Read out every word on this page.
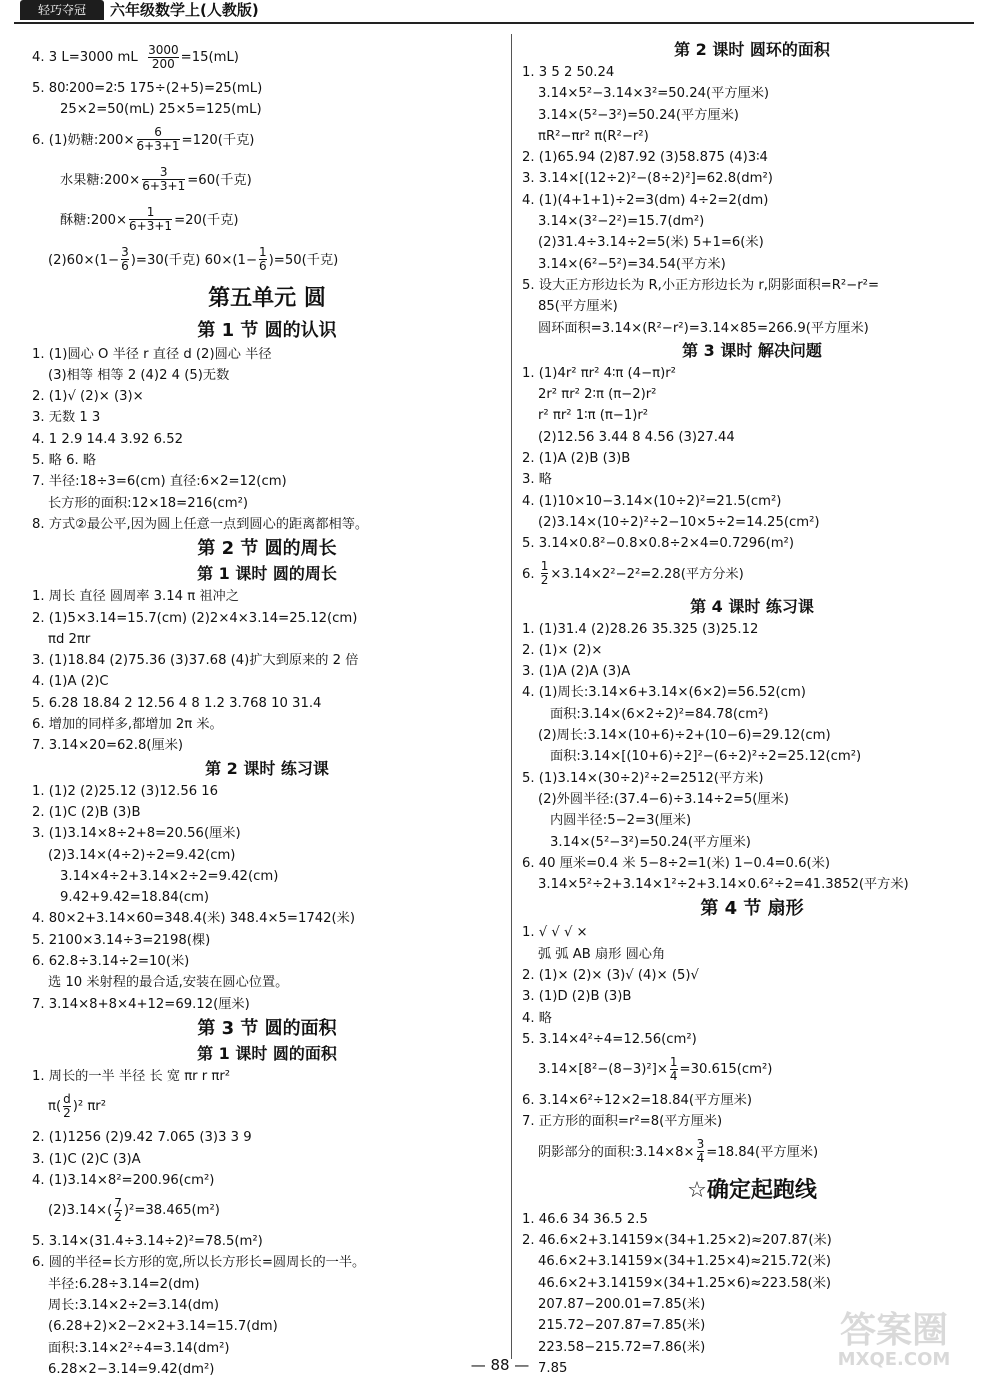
轻巧夺冠	六年级数学上(人教版)
4. 3 L=3000 mL $\frac{3000}{200} =15(mL)$
5. 80∶200=2∶5 175÷(2+5)=25(mL)
25×2=50(mL) 25×5=125(mL)
6. (1)奶糖:200× $\frac{6}{6+3+1} =120$(千克)
水果糖:200× $\frac{3}{6+3+1} =60$(千克)
酥糖:200× $\frac{1}{6+3+1} =20$(千克)
$(2)60\times(1- \frac{3}{6} )=30$(千克) $60\times(1- \frac{1}{6} )=50$(千克)
第五单元 圆
第 1 节 圆的认识
1. (1)圆心 O 半径 r 直径 d (2)圆心 半径
(3)相等 相等 2 (4)2 4 (5)无数
2. (1)√ (2)× (3)×
3. 无数 1 3
4. 1 2.9 14.4 3.92 6.52
5. 略 6. 略
7. 半径:18÷3=6(cm) 直径:6×2=12(cm)
长方形的面积:12×18=216(cm²)
8. 方式②最公平,因为圆上任意一点到圆心的距离都相等。
第 2 节 圆的周长
第 1 课时 圆的周长
1. 周长 直径 圆周率 3.14 π 祖冲之
2. (1)5×3.14=15.7(cm) (2)2×4×3.14=25.12(cm)
πd 2πr
3. (1)18.84 (2)75.36 (3)37.68 (4)扩大到原来的 2 倍
4. (1)A (2)C
5. 6.28 18.84 2 12.56 4 8 1.2 3.768 10 31.4
6. 增加的同样多,都增加 2π 米。
7. 3.14×20=62.8(厘米)
第 2 课时 练习课
1. (1)2 (2)25.12 (3)12.56 16
2. (1)C (2)B (3)B
3. (1)3.14×8÷2+8=20.56(厘米)
(2)3.14×(4÷2)÷2=9.42(cm)
3.14×4÷2+3.14×2÷2=9.42(cm)
9.42+9.42=18.84(cm)
4. 80×2+3.14×60=348.4(米) 348.4×5=1742(米)
5. 2100×3.14÷3=2198(棵)
6. 62.8÷3.14÷2=10(米)
选 10 米射程的最合适,安装在圆心位置。
7. 3.14×8+8×4+12=69.12(厘米)
第 3 节 圆的面积
第 1 课时 圆的面积
1. 周长的一半 半径 长 宽 πr r πr²
$\pi( \frac{d}{2} )^2$ πr²
2. (1)1256 (2)9.42 7.065 (3)3 3 9
3. (1)C (2)C (3)A
4. (1)3.14×8²=200.96(cm²)
$(2)3.14\times( \frac{7}{2} )^2=38.465(m^2)$
5. 3.14×(31.4÷3.14÷2)²=78.5(m²)
6. 圆的半径=长方形的宽,所以长方形长=圆周长的一半。
半径:6.28÷3.14=2(dm)
周长:3.14×2÷2=3.14(dm)
(6.28+2)×2−2×2+3.14=15.7(dm)
面积:3.14×2²÷4=3.14(dm²)
6.28×2−3.14=9.42(dm²)
第 2 课时 圆环的面积
1. 3 5 2 50.24
3.14×5²−3.14×3²=50.24(平方厘米)
3.14×(5²−3²)=50.24(平方厘米)
πR²−πr² π(R²−r²)
2. (1)65.94 (2)87.92 (3)58.875 (4)3∶4
3. 3.14×[(12÷2)²−(8÷2)²]=62.8(dm²)
4. (1)(4+1+1)÷2=3(dm) 4÷2=2(dm)
3.14×(3²−2²)=15.7(dm²)
(2)31.4÷3.14÷2=5(米) 5+1=6(米)
3.14×(6²−5²)=34.54(平方米)
5. 设大正方形边长为 R,小正方形边长为 r,阴影面积=R²−r²=
85(平方厘米)
圆环面积=3.14×(R²−r²)=3.14×85=266.9(平方厘米)
第 3 课时 解决问题
1. (1)4r² πr² 4∶π (4−π)r²
2r² πr² 2∶π (π−2)r²
r² πr² 1∶π (π−1)r²
(2)12.56 3.44 8 4.56 (3)27.44
2. (1)A (2)B (3)B
3. 略
4. (1)10×10−3.14×(10÷2)²=21.5(cm²)
(2)3.14×(10÷2)²÷2−10×5÷2=14.25(cm²)
5. 3.14×0.8²−0.8×0.8÷2×4=0.7296(m²)
6. $\frac{1}{2} \times 3.14\times 2^2-2^2=2.28$(平方分米)
第 4 课时 练习课
1. (1)31.4 (2)28.26 35.325 (3)25.12
2. (1)× (2)×
3. (1)A (2)A (3)A
4. (1)周长:3.14×6+3.14×(6×2)=56.52(cm)
面积:3.14×(6×2÷2)²=84.78(cm²)
(2)周长:3.14×(10+6)÷2+(10−6)=29.12(cm)
面积:3.14×[(10+6)÷2]²−(6÷2)²÷2=25.12(cm²)
5. (1)3.14×(30÷2)²÷2=2512(平方米)
(2)外圆半径:(37.4−6)÷3.14÷2=5(厘米)
内圆半径:5−2=3(厘米)
3.14×(5²−3²)=50.24(平方厘米)
6. 40 厘米=0.4 米 5−8÷2=1(米) 1−0.4=0.6(米)
3.14×5²÷2+3.14×1²÷2+3.14×0.6²÷2=41.3852(平方米)
第 4 节 扇形
1. √ √ √ ×
弧 弧 AB 扇形 圆心角
2. (1)× (2)× (3)√ (4)× (5)√
3. (1)D (2)B (3)B
4. 略
5. 3.14×4²÷4=12.56(cm²)
$3.14\times[8^2-(8-3)^2]\times \frac{1}{4} =30.615(cm^2)$
6. 3.14×6²÷12×2=18.84(平方厘米)
7. 正方形的面积=r²=8(平方厘米)
阴影部分的面积:3.14×8× $\frac{3}{4} =18.84$(平方厘米)
☆确定起跑线
1. 46.6 34 36.5 2.5
2. 46.6×2+3.14159×(34+1.25×2)≈207.87(米)
46.6×2+3.14159×(34+1.25×4)≈215.72(米)
46.6×2+3.14159×(34+1.25×6)≈223.58(米)
207.87−200.01=7.85(米)
215.72−207.87=7.85(米)
223.58−215.72=7.86(米)
7.85
— 88 —
答案圈
MXQE.COM
